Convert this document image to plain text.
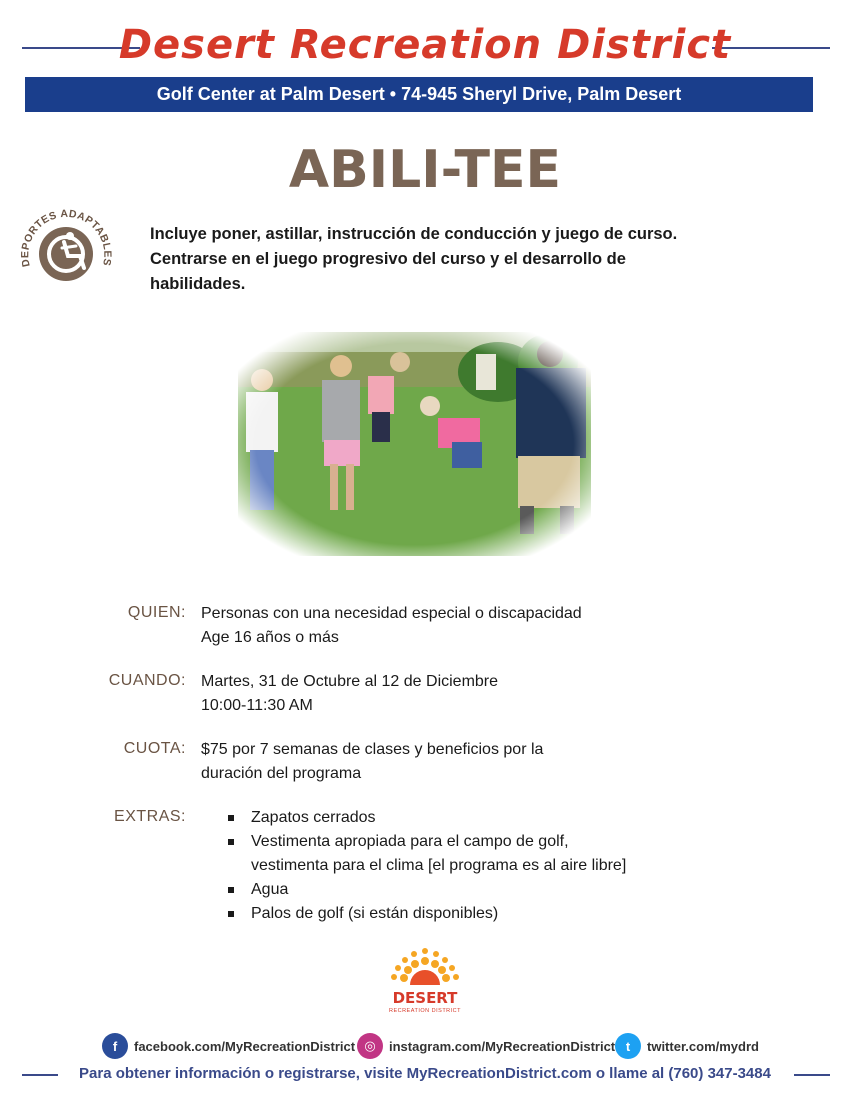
Desert Recreation District
Golf Center at Palm Desert • 74-945 Sheryl Drive, Palm Desert
ABILI-TEE
DEPORTES ADAPTABLES
Incluye poner, astillar, instrucción de conducción y juego de curso.
Centrarse en el juego progresivo del curso y el desarrollo de
habilidades.
QUIEN: Personas con una necesidad especial o discapacidad
Age 16 años o más
CUANDO: Martes, 31 de Octubre al 12 de Diciembre
10:00-11:30 AM
CUOTA: $75 por 7 semanas de clases y beneficios por la
duración del programa
EXTRAS:	Zapatos cerrados
Vestimenta apropiada para el campo de golf,
vestimenta para el clima [el programa es al aire libre]
Agua
Palos de golf (si están disponibles)
DESERT
RECREATION DISTRICT
f	facebook.com/MyRecreationDistrict ◎	instagram.com/MyRecreationDistrict t	twitter.com/mydrd
Para obtener información o registrarse, visite MyRecreationDistrict.com o llame al (760) 347-3484
